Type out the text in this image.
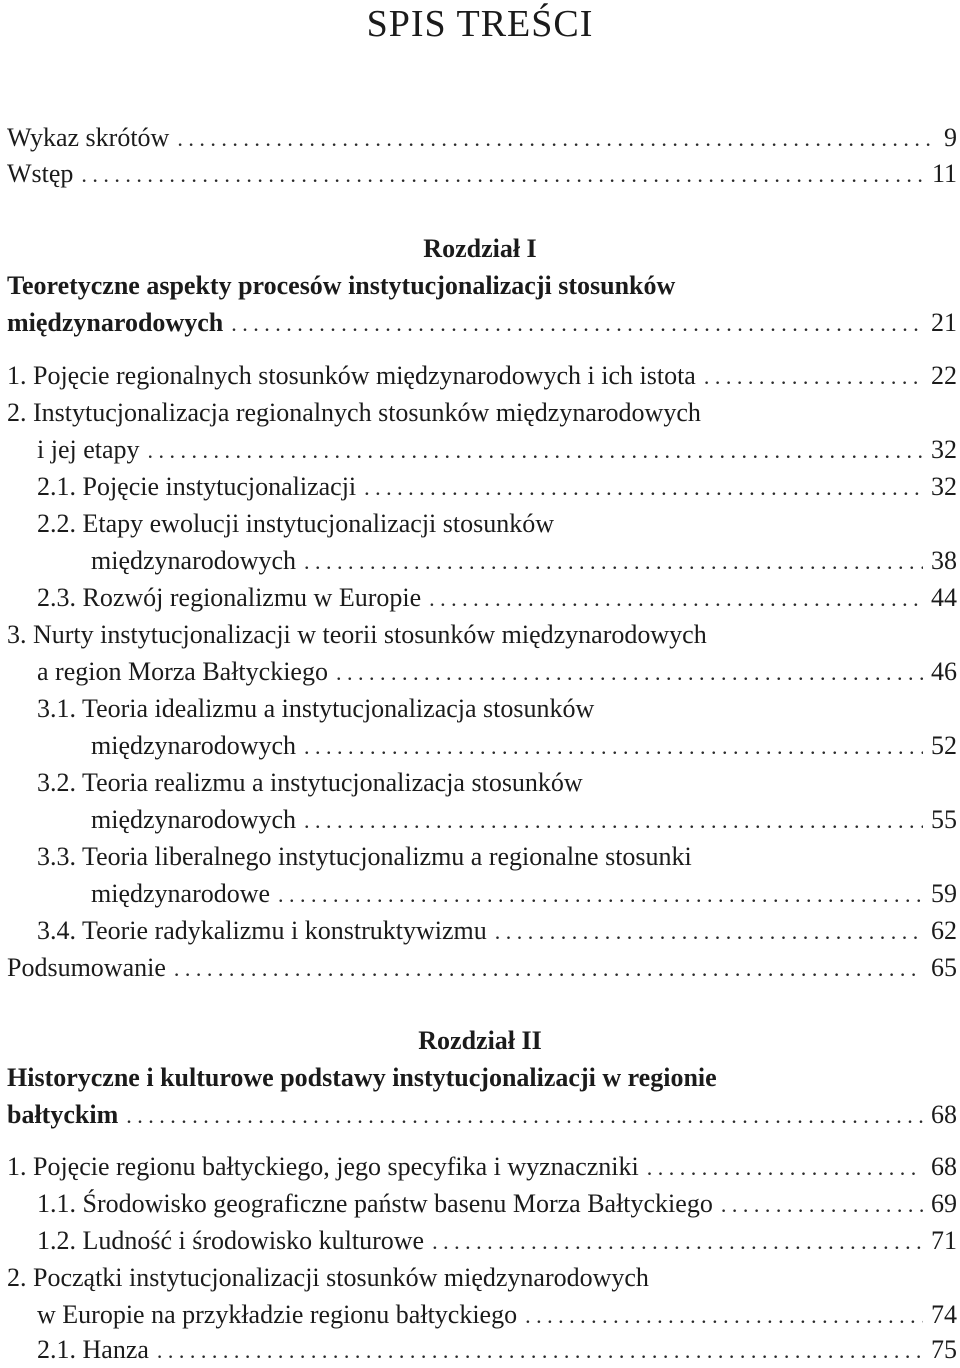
SPIS TREŚCI
Wykaz skrótów . . .	9
Wstęp . . .	11
Rozdział I
Teoretyczne aspekty procesów instytucjonalizacji stosunków
międzynarodowych . . .	21
1. Pojęcie regionalnych stosunków międzynarodowych i ich istota . . .	22
2. Instytucjonalizacja regionalnych stosunków międzynarodowych
i jej etapy . . .	32
2.1. Pojęcie instytucjonalizacji . . .	32
2.2. Etapy ewolucji instytucjonalizacji stosunków
międzynarodowych . . .	38
2.3. Rozwój regionalizmu w Europie . . .	44
3. Nurty instytucjonalizacji w teorii stosunków międzynarodowych
a region Morza Bałtyckiego . . .	46
3.1. Teoria idealizmu a instytucjonalizacja stosunków
międzynarodowych . . .	52
3.2. Teoria realizmu a instytucjonalizacja stosunków
międzynarodowych . . .	55
3.3. Teoria liberalnego instytucjonalizmu a regionalne stosunki
międzynarodowe . . .	59
3.4. Teorie radykalizmu i konstruktywizmu . . .	62
Podsumowanie . . .	65
Rozdział II
Historyczne i kulturowe podstawy instytucjonalizacji w regionie
bałtyckim . . .	68
1. Pojęcie regionu bałtyckiego, jego specyfika i wyznaczniki . . .	68
1.1. Środowisko geograficzne państw basenu Morza Bałtyckiego . . .	69
1.2. Ludność i środowisko kulturowe . . .	71
2. Początki instytucjonalizacji stosunków międzynarodowych
w Europie na przykładzie regionu bałtyckiego . . .	74
2.1. Hanza . . .	75
